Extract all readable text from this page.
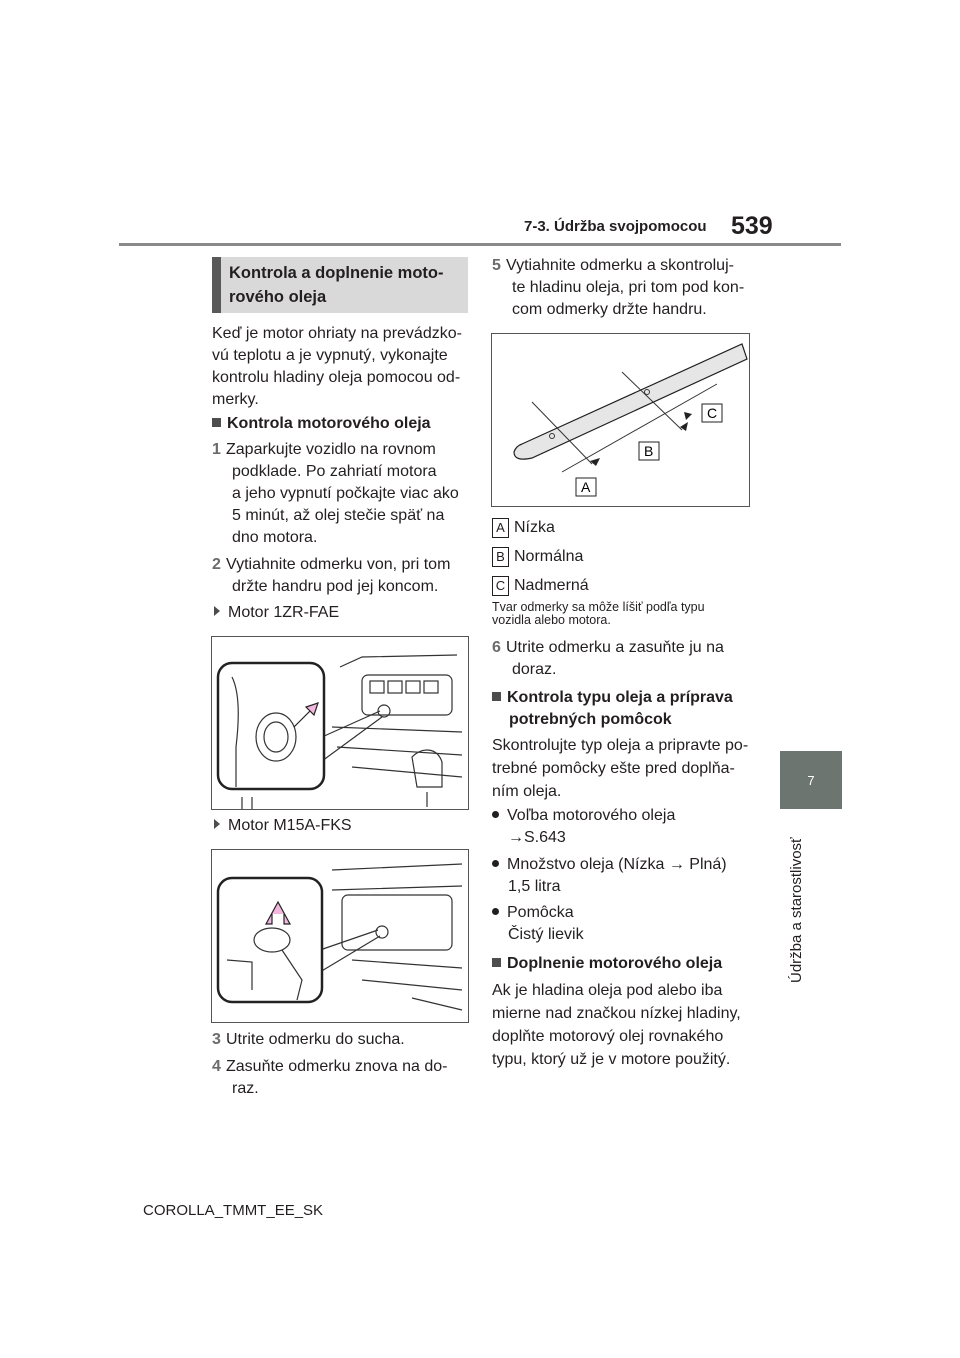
7-3. Údržba svojpomocou 539
7
Údržba a starostlivosť
Kontrola a doplnenie moto-
rového oleja
Keď je motor ohriaty na prevádzko-
vú teplotu a je vypnutý, vykonajte
kontrolu hladiny oleja pomocou od-
merky.
Kontrola motorového oleja
1 Zaparkujte vozidlo na rovnom
podklade. Po zahriatí motora
a jeho vypnutí počkajte viac ako
5 minút, až olej stečie späť na
dno motora.
2 Vytiahnite odmerku von, pri tom
držte handru pod jej koncom.
Motor 1ZR-FAE
Motor M15A-FKS
3 Utrite odmerku do sucha.
4 Zasuňte odmerku znova na do-
raz.
5 Vytiahnite odmerku a skontroluj-
te hladinu oleja, pri tom pod kon-
com odmerky držte handru.
A
B
C
A Nízka
B Normálna
C Nadmerná
Tvar odmerky sa môže líšiť podľa typu
vozidla alebo motora.
6 Utrite odmerku a zasuňte ju na
doraz.
Kontrola typu oleja a príprava
potrebných pomôcok
Skontrolujte typ oleja a pripravte po-
trebné pomôcky ešte pred doplňa-
ním oleja.
Voľba motorového oleja
→S.643
Množstvo oleja (Nízka → Plná)
1,5 litra
Pomôcka
Čistý lievik
Doplnenie motorového oleja
Ak je hladina oleja pod alebo iba
mierne nad značkou nízkej hladiny,
doplňte motorový olej rovnakého
typu, ktorý už je v motore použitý.
COROLLA_TMMT_EE_SK
